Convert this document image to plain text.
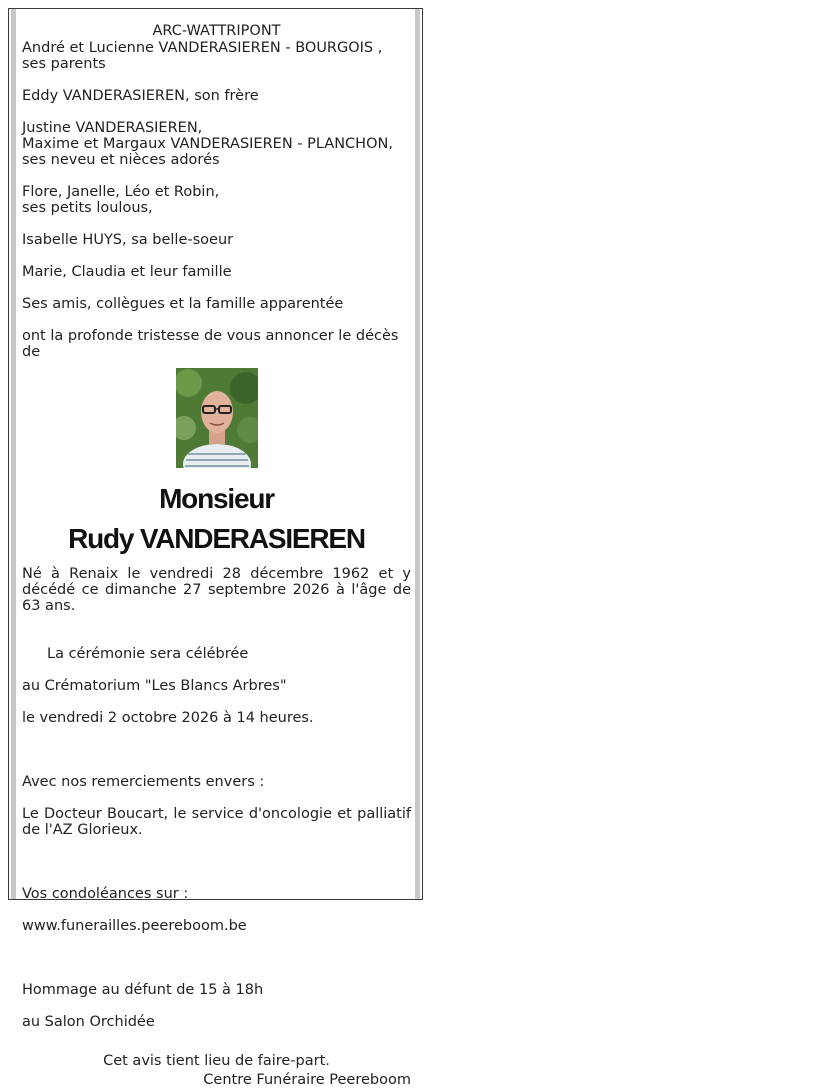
ARC-WATTRIPONT
André et Lucienne VANDERASIEREN - BOURGOIS ,
ses parents
Eddy VANDERASIEREN, son frère
Justine VANDERASIEREN,
Maxime et Margaux VANDERASIEREN - PLANCHON,
ses neveu et nièces adorés
Flore, Janelle, Léo et Robin,
ses petits loulous,
Isabelle HUYS, sa belle-soeur
Marie, Claudia et leur famille
Ses amis, collègues et la famille apparentée
ont la profonde tristesse de vous annoncer le décès
de
Monsieur
Rudy VANDERASIEREN
Né à Renaix le vendredi 28 décembre 1962 et y décédé ce dimanche 27 septembre 2026 à l'âge de 63 ans.

La cérémonie sera célébrée

au Crématorium "Les Blancs Arbres"

le vendredi 2 octobre 2026 à 14 heures.

Avec nos remerciements envers :

Le Docteur Boucart, le service d'oncologie et palliatif de l'AZ Glorieux.

Vos condoléances sur :

www.funerailles.peereboom.be

Hommage au défunt de 15 à 18h

au Salon Orchidée

Cet avis tient lieu de faire-part.
Centre Funéraire Peereboom
